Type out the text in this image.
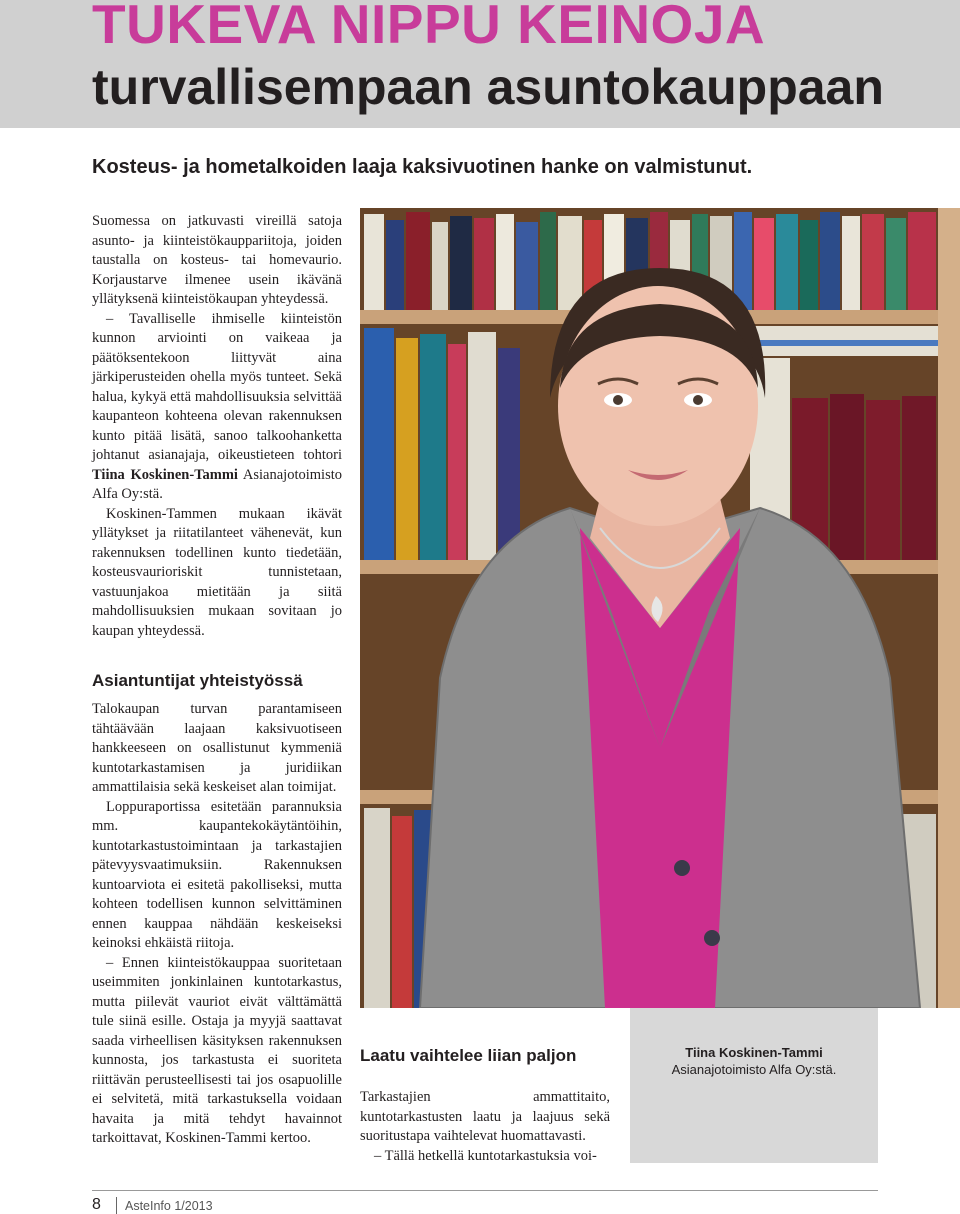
TUKEVA NIPPU KEINOJA
turvallisempaan asuntokauppaan
Kosteus- ja hometalkoiden laaja kaksivuotinen hanke on valmistunut.

Suomessa on jatkuvasti vireillä satoja asunto- ja kiinteistökauppariitoja, joiden taustalla on kosteus- tai homevaurio. Korjaustarve ilmenee usein ikävänä yllätyksenä kiinteistökaupan yhteydessä.

– Tavalliselle ihmiselle kiinteistön kunnon arviointi on vaikeaa ja päätöksentekoon liittyvät aina järkiperusteiden ohella myös tunteet. Sekä halua, kykyä että mahdollisuuksia selvittää kaupanteon kohteena olevan rakennuksen kunto pitää lisätä, sanoo talkoohanketta johtanut asianajaja, oikeustieteen tohtori Tiina Koskinen-Tammi Asianajotoimisto Alfa Oy:stä.

Koskinen-Tammen mukaan ikävät yllätykset ja riitatilanteet vähenevät, kun rakennuksen todellinen kunto tiedetään, kosteusvaurioriskit tunnistetaan, vastuunjakoa mietitään ja siitä mahdollisuuksien mukaan sovitaan jo kaupan yhteydessä.

Asiantuntijat yhteistyössä

Talokaupan turvan parantamiseen tähtäävään laajaan kaksivuotiseen hankkeeseen on osallistunut kymmeniä kuntotarkastamisen ja juridiikan ammattilaisia sekä keskeiset alan toimijat.

Loppuraportissa esitetään parannuksia mm. kaupantekokäytäntöihin, kuntotarkastustoimintaan ja tarkastajien pätevyysvaatimuksiin. Rakennuksen kuntoarviota ei esitetä pakolliseksi, mutta kohteen todellisen kunnon selvittäminen ennen kauppaa nähdään keskeiseksi keinoksi ehkäistä riitoja.

– Ennen kiinteistökauppaa suoritetaan useimmiten jonkinlainen kuntotarkastus, mutta piilevät vauriot eivät välttämättä tule siinä esille. Ostaja ja myyjä saattavat saada virheellisen käsityksen rakennuksen kunnosta, jos tarkastusta ei suoriteta riittävän perusteellisesti tai jos osapuolille ei selvitetä, mitä tarkastuksella voidaan havaita ja mitä tehdyt havainnot tarkoittavat, Koskinen-Tammi kertoo.

Laatu vaihtelee liian paljon

Tarkastajien ammattitaito, kuntotarkastusten laatu ja laajuus sekä suoritustapa vaihtelevat huomattavasti.

– Tällä hetkellä kuntotarkastuksia voi-

Tiina Koskinen-Tammi Asianajotoimisto Alfa Oy:stä.
8 AsteInfo 1/2013
